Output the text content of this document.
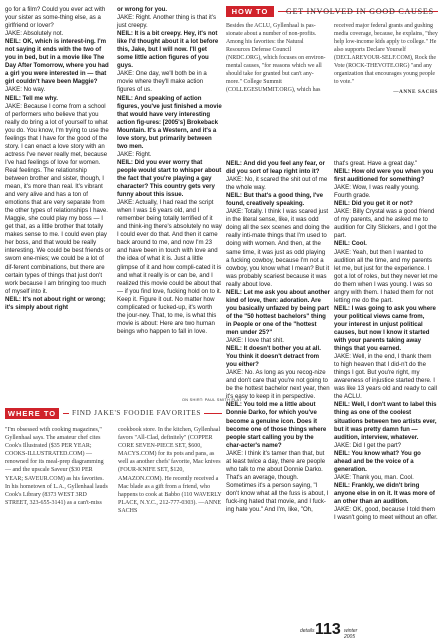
go for a film? Could you ever act with your sister as some-thing else, as a girlfriend or lover?

JAKE: Absolutely not.

NEIL: OK, which is interest-ing. I'm not saying it ends with the two of you in bed, but in a movie like The Day After Tomorrow, where you had a girl you were interested in — that girl couldn't have been Maggie?

JAKE: No way.

NEIL: Tell me why.

JAKE: Because I come from a school of performers who believe that you really do bring a lot of yourself to what you do. You know, I'm trying to use the feelings that I have for the good of the story. I can enact a love story with an actress I've never really met, because I've had feelings of love for women. Real feelings. The relationship between brother and sister, though, I mean, it's more than real. It's vibrant and very alive and has a ton of emotions that are very separate from the other types of relationships I have. Maggie, she could play my boss — I get that, as a little brother that totally makes sense to me. I could even play her boss, and that would be really interesting. We could be best friends or sworn ene-mies; we could be a lot of dif-ferent combinations, but there are certain types of things that just don't work because I am bringing too much of myself into it.

NEIL: It's not about right or wrong; it's simply about right

or wrong for you.

JAKE: Right. Another thing is that it's just creepy.

NEIL: It is a bit creepy. Hey, it's not like I'd thought about it a lot before this, Jake, but I will now. I'll get some little action figures of you guys.

JAKE: One day, we'll both be in a movie where they'll make action figures of us.

NEIL: And speaking of action figures, you've just finished a movie that would have very interesting action fig-ures: [2005's] Brokeback Mountain. It's a Western, and it's a love story, but primarily between two men.

JAKE: Right.

NEIL: Did you ever worry that people would start to whisper about the fact that you're playing a gay character? This country gets very funny about this issue.

JAKE: Actually, I had read the script when I was 16 years old, and I remember being totally terrified of it and think-ing there's absolutely no way I could ever do that. And then it came back around to me, and now I'm 23 and have been in touch with love and the idea of what it is. Just a little glimpse of it and how compli-cated it is and what it really is or can be, and I realized this movie could be about that — if you find love, fucking hold on to it. Keep it. Figure it out. No matter how complicated or fucked-up, it's worth the jour-ney. That, to me, is what this movie is about: Here are two human beings who happen to fall in love.

HOW TO	GET INVOLVED IN GOOD CAUSES
Besides the ACLU, Gyllenhaal is pas-sionate about a number of non-profits. Among his favorites: the Natural Resources Defense Council (NRDC.ORG), which focuses on environ-mental causes, "for reasons which we all should take for granted but can't any-more." College Summit (COLLEGESUMMIT.ORG), which has
received major federal grants and gushing media coverage, because, he explains, "they help low-income kids apply to college." He also supports Declare Yourself (DECLAREYOUR-SELF.COM), Rock the Vote (ROCK-THEVOTE.ORG) "and any organization that encourages young people to vote."
—ANNE SACHS

NEIL: And did you feel any fear, or did you sort of leap right into it?

JAKE: No, it scared the shit out of me the whole way.

NEIL: But that's a good thing, I've found, creatively speaking.

JAKE: Totally. I think I was scared just in the literal sense, like, it was odd doing all the sex scenes and doing the really inti-mate things that I'm used to doing with women. And then, at the same time, it was just as odd playing a fucking cowboy, because I'm not a cowboy, you know what I mean? But it was probably scariest because it was really about love.

NEIL: Let me ask you about another kind of love, then: adoration. Are you basically unfazed by being part of the "50 hottest bachelors" thing in People or one of the "hottest men under 25?"

JAKE: I love that shit.

NEIL: It doesn't bother you at all. You think it doesn't detract from you either?

JAKE: No. As long as you recog-nize and don't care that you're not going to be the hottest bachelor next year, then it's easy to keep it in perspective.

NEIL: You told me a little about Donnie Darko, for which you've become a genuine icon. Does it become one of those things where people start calling you by the char-acter's name?

JAKE: I think it's tamer than that, but at least twice a day, there are people who talk to me about Donnie Darko. That's an average, though. Sometimes it's a person saying, "I don't know what all the fuss is about, I fuck-ing hated that movie, and I fuck-ing hate you." And I'm, like, "Oh,

that's great. Have a great day."

NEIL: How old were you when you first auditioned for something?

JAKE: Wow, I was really young. Fourth grade.

NEIL: Did you get it or not?

JAKE: Billy Crystal was a good friend of my parents, and he asked me to audition for City Slickers, and I got the part.

NEIL: Cool.

JAKE: Yeah, but then I wanted to audition all the time, and my parents let me, but just for the experience. I got a lot of roles, but they never let me do them when I was young. I was so angry with them. I hated them for not letting me do the part.

NEIL: I was going to ask you where your political views came from, your interest in unjust political causes, but now I know it started with your parents taking away things that you earned.

JAKE: Well, in the end, I thank them to high heaven that I did-n't do the things I got. But you're right, my awareness of injustice started there. I was like 13 years old and ready to call the ACLU.

NEIL: Well, I don't want to label this thing as one of the coolest situations between two artists ever, but it was pretty damn fun — audition, interview, whatever.

JAKE: Did I get the part?

NEIL: You know what? You go ahead and be the voice of a generation.

JAKE: Thank you, man. Cool.

NEIL: Frankly, we didn't bring anyone else in on it. It was more of an other than an audition.

JAKE: OK, good, because I told them I wasn't going to meet without an offer.

ON SHIRT: PAUL SMITH FLAT
WHERE TO	FIND JAKE'S FOODIE FAVORITES
"I'm obsessed with cooking magazines," Gyllenhaal says. The amateur chef cites Cook's Illustrated ($35 PER YEAR; COOKS-ILLUSTRATED.COM) — renowned for its meal-prep diagramming — and the upscale Saveur ($30 PER YEAR; SAVEUR.COM) as his favorites. In his hometown of L.A., Gyllenhaal lauds Cook's Library (8373 WEST 3RD STREET, 323-655-3141) as a can't-miss
cookbook store. In the kitchen, Gyllenhaal favors "All-Clad, definitely" (COPPER CORE SEVEN-PIECE SET, $600, MACYS.COM) for its pots and pans, as well as another chefs' favorite, Mac knives (FOUR-KNIFE SET, $120, AMAZON.COM). He recently received a Mac blade as a gift from a friend, who happens to cook at Babbo (110 WAVERLY PLACE, N.Y.C., 212-777-0303). —ANNE SACHS
details 113 winter 2005
